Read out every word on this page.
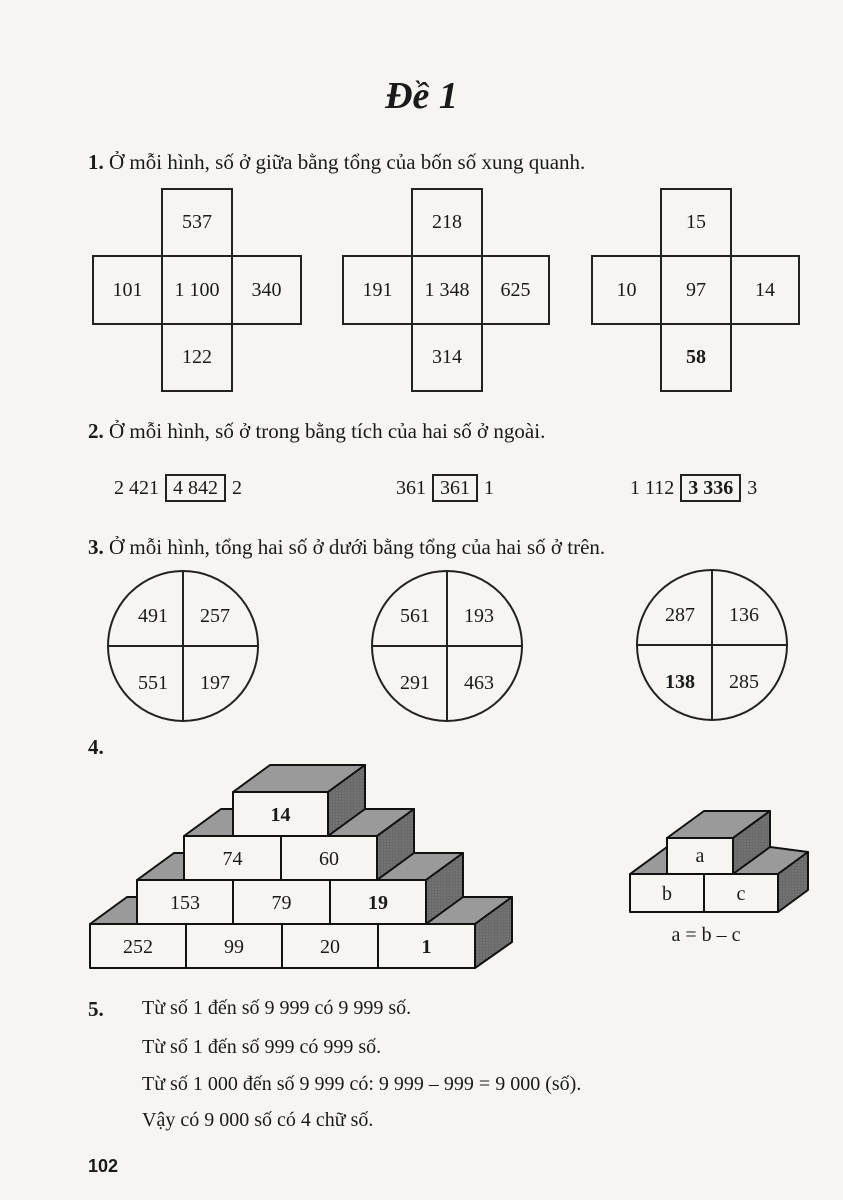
Đề 1
1. Ở mỗi hình, số ở giữa bằng tổng của bốn số xung quanh.
537
101	1 100	340
122
218
191	1 348	625
314
15
10	97	14
58
2. Ở mỗi hình, số ở trong bằng tích của hai số ở ngoài.
2 421 4 842 2	361 361 1	1 112 3 336 3
3. Ở mỗi hình, tổng hai số ở dưới bằng tổng của hai số ở trên.
491	257
551	197
561	193
291	463
287	136
138	285
4.
14
74	60
153	79	19
252	99	20	1
a
b	c
a = b – c
5. Từ số 1 đến số 9 999 có 9 999 số.
Từ số 1 đến số 999 có 999 số.
Từ số 1 000 đến số 9 999 có: 9 999 – 999 = 9 000 (số).
Vậy có 9 000 số có 4 chữ số.
102
